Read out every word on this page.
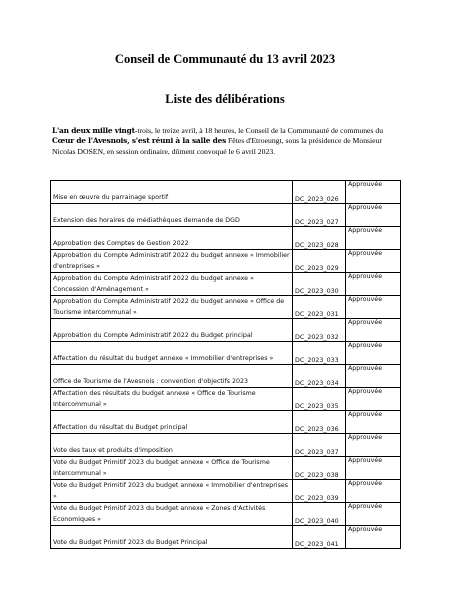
Conseil de Communauté du 13 avril 2023
Liste des délibérations
L'an deux mille vingt-trois, le treize avril, à 18 heures, le Conseil de la Communauté de communes du Cœur de l'Avesnois, s'est réuni à la salle des Fêtes d'Etroeungt, sous la présidence de Monsieur Nicolas DOSEN, en session ordinaire, dûment convoqué le 6 avril 2023.
Mise en œuvre du parrainage sportif	DC_2023_026	Approuvée
Extension des horaires de médiathèques demande de DGD	DC_2023_027	Approuvée
Approbation des Comptes de Gestion 2022	DC_2023_028	Approuvée
Approbation du Compte Administratif 2022 du budget annexe « Immobilier d'entreprises »	DC_2023_029	Approuvée
Approbation du Compte Administratif 2022 du budget annexe « Concession d'Aménagement »	DC_2023_030	Approuvée
Approbation du Compte Administratif 2022 du budget annexe « Office de Tourisme intercommunal »	DC_2023_031	Approuvée
Approbation du Compte Administratif 2022 du Budget principal	DC_2023_032	Approuvée
Affectation du résultat du budget annexe « Immobilier d'entreprises »	DC_2023_033	Approuvée
Office de Tourisme de l'Avesnois : convention d'objectifs 2023	DC_2023_034	Approuvée
Affectation des résultats du budget annexe « Office de Tourisme Intercommunal »	DC_2023_035	Approuvée
Affectation du résultat du Budget principal	DC_2023_036	Approuvée
Vote des taux et produits d'imposition	DC_2023_037	Approuvée
Vote du Budget Primitif 2023 du budget annexe « Office de Tourisme Intercommunal »	DC_2023_038	Approuvée
Vote du Budget Primitif 2023 du budget annexe « Immobilier d'entreprises »	DC_2023_039	Approuvée
Vote du Budget Primitif 2023 du budget annexe « Zones d'Activités Economiques »	DC_2023_040	Approuvée
Vote du Budget Primitif 2023 du Budget Principal	DC_2023_041	Approuvée
